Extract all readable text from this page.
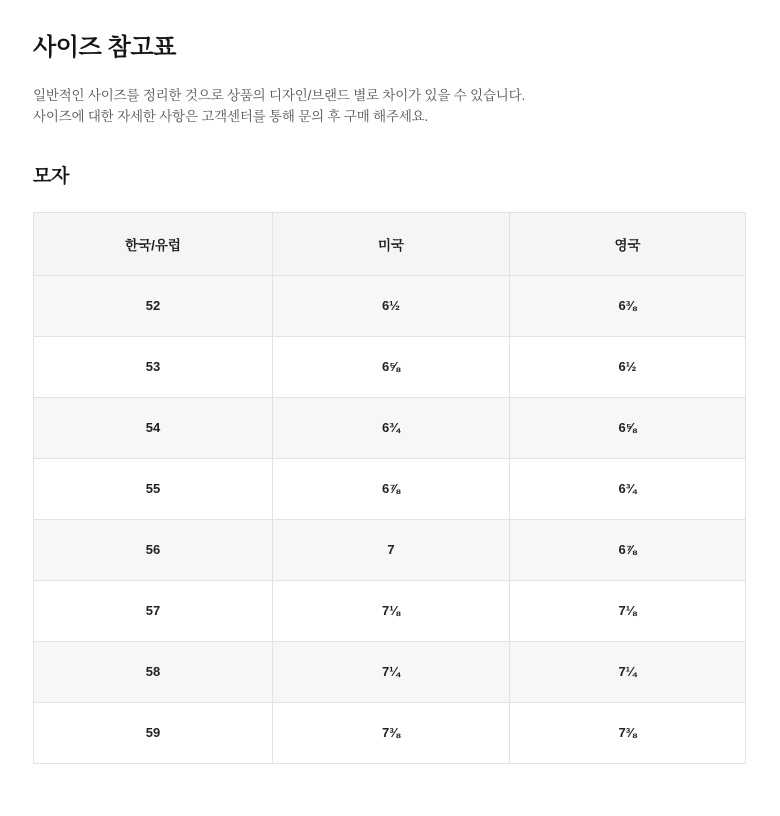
사이즈 참고표

일반적인 사이즈를 정리한 것으로 상품의 디자인/브랜드 별로 차이가 있을 수 있습니다.

사이즈에 대한 자세한 사항은 고객센터를 통해 문의 후 구매 해주세요.

모자
한국/유럽	미국	영국
52	6½	6⅜
53	6⅝	6½
54	6¾	6⅝
55	6⅞	6¾
56	7	6⅞
57	7⅛	7⅛
58	7¼	7¼
59	7⅜	7⅜
